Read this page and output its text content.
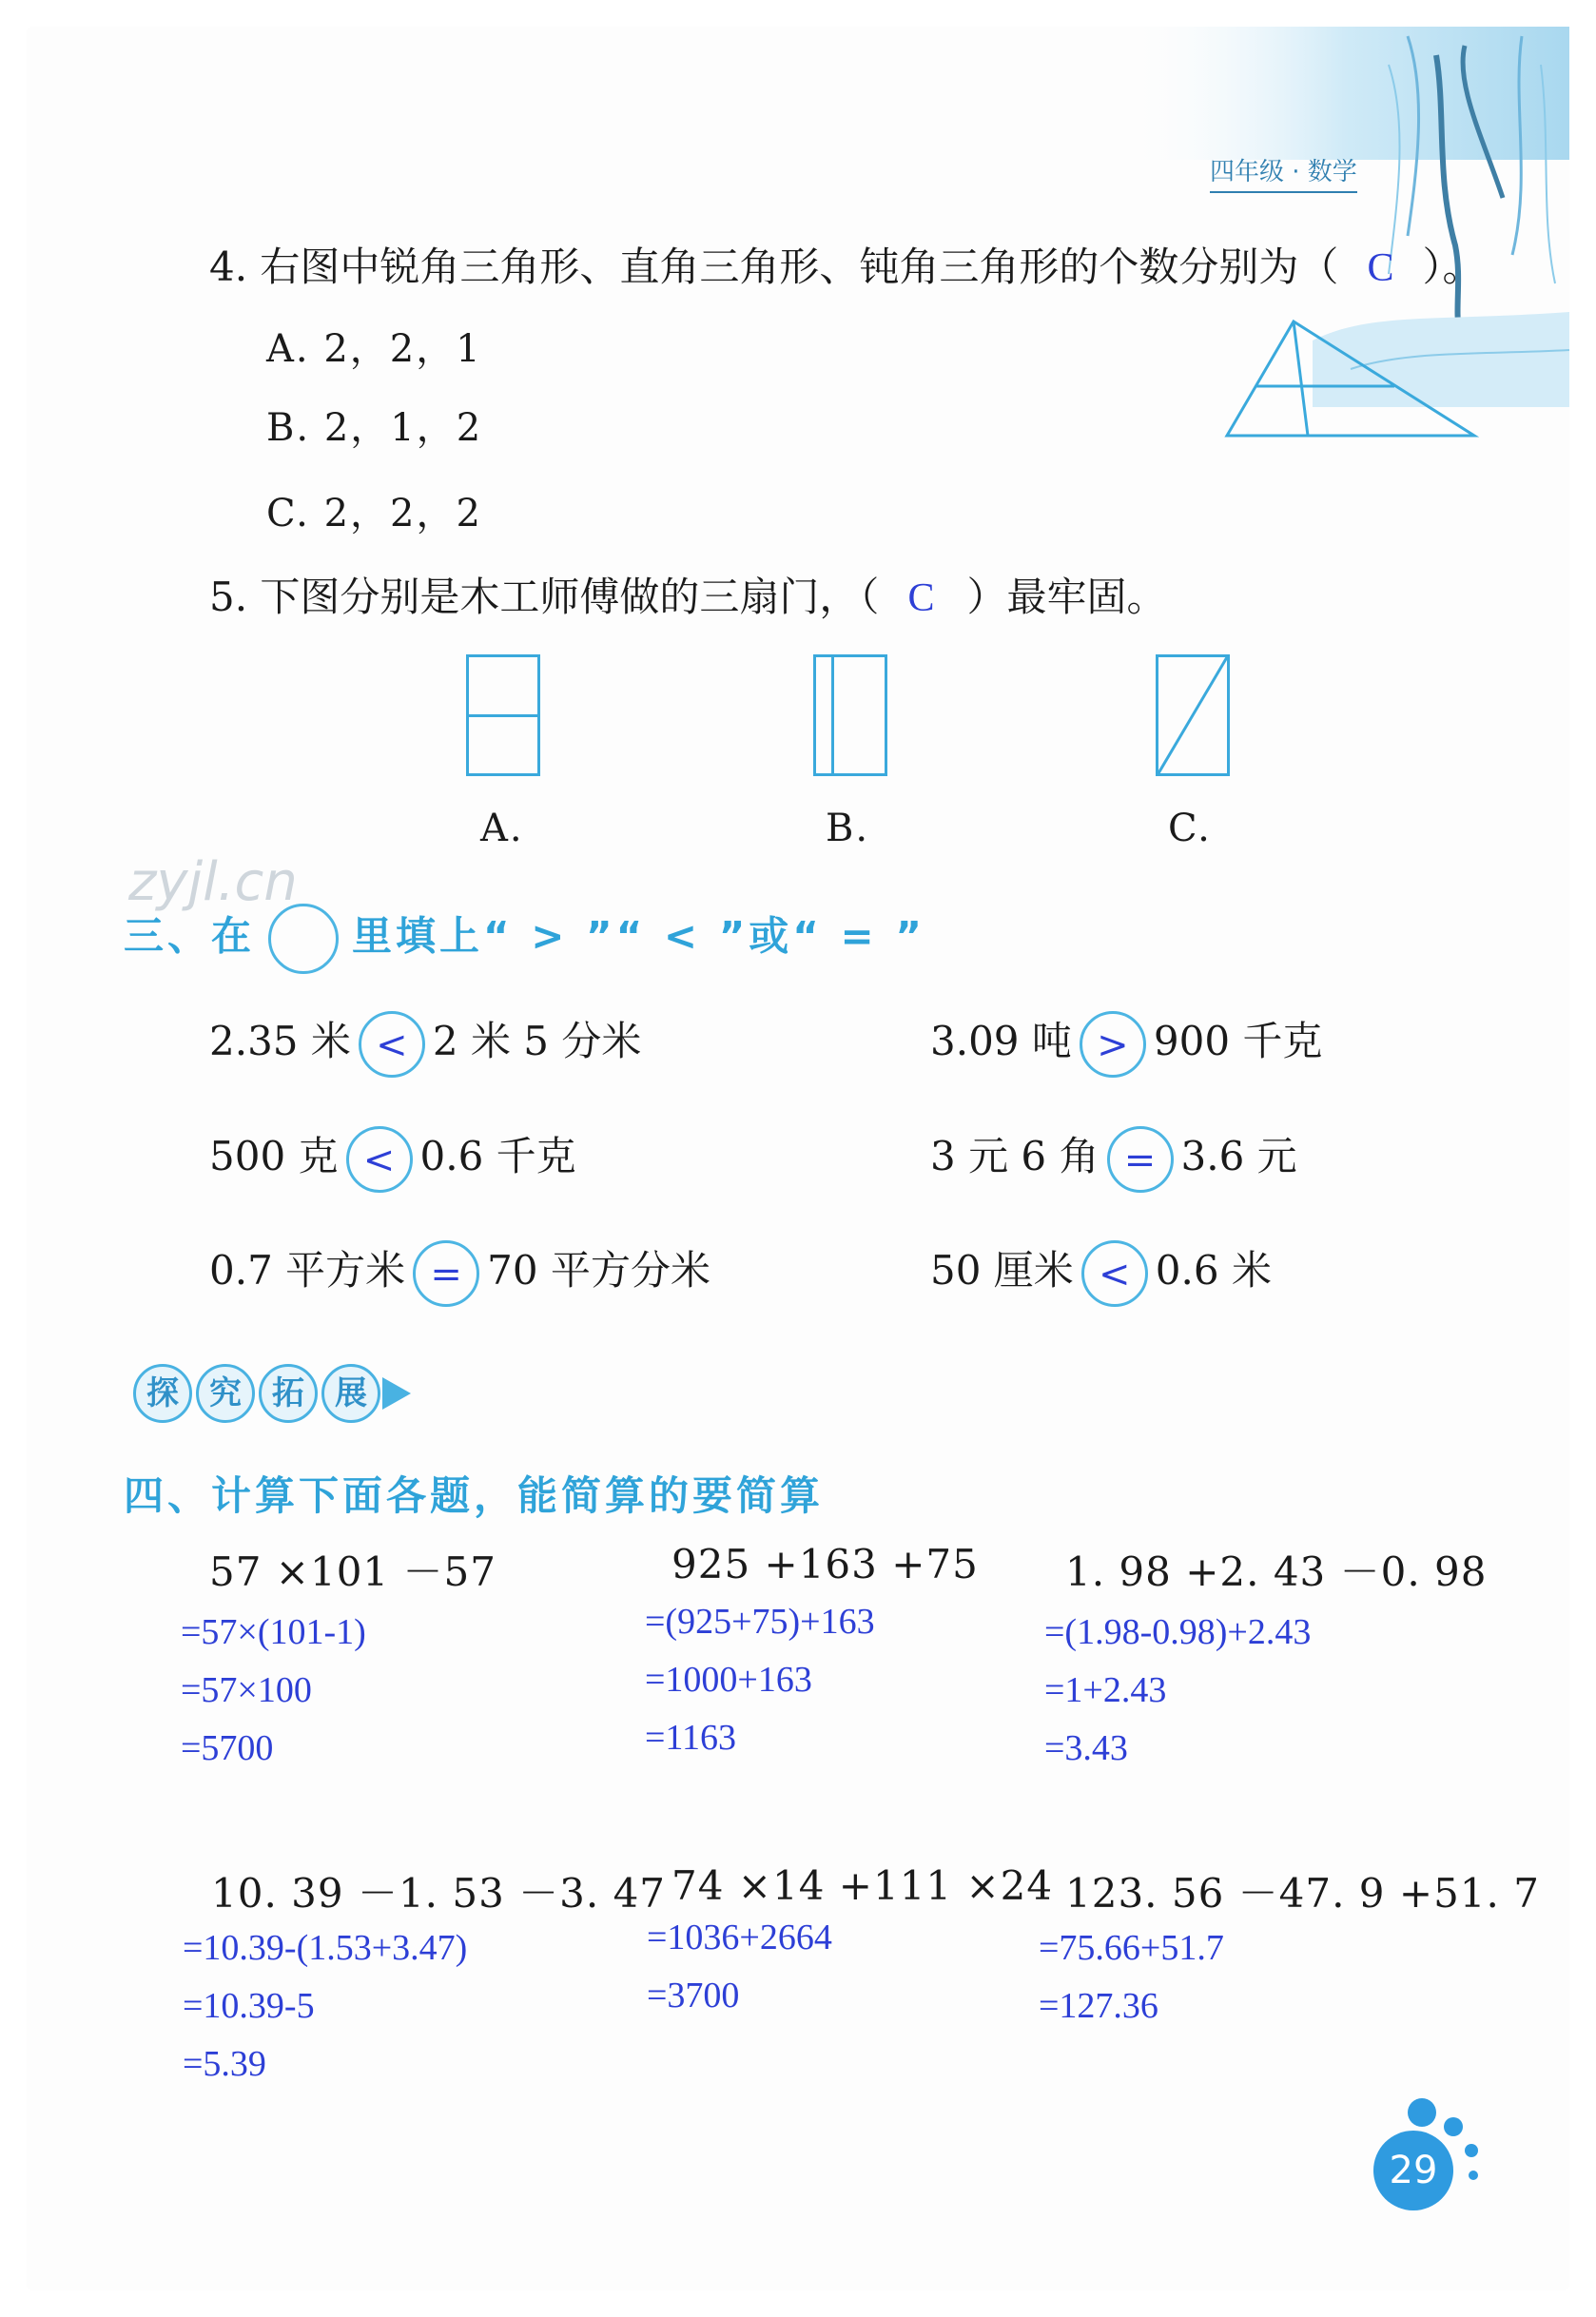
四年级 · 数学
4. 右图中锐角三角形、直角三角形、钝角三角形的个数分别为（ C ）。
A. 2，2，1
B. 2，1，2
C. 2，2，2
5. 下图分别是木工师傅做的三扇门，（ C ）最牢固。
A.	B.	C.
zyjl.cn
三、在 里填上“ > ”“ < ”或“ = ”
2.35 米 < 2 米 5 分米	3.09 吨 > 900 千克
500 克 < 0.6 千克	3 元 6 角 = 3.6 元
0.7 平方米 = 70 平方分米	50 厘米 < 0.6 米
探 究 拓 展
四、计算下面各题，能简算的要简算
57 ×101 －57
=57×(101-1)
=57×100
=5700
925 +163 +75
=(925+75)+163
=1000+163
=1163
1. 98 +2. 43 －0. 98
=(1.98-0.98)+2.43
=1+2.43
=3.43
10. 39 －1. 53 －3. 47
=10.39-(1.53+3.47)
=10.39-5
=5.39
74 ×14 +111 ×24
=1036+2664
=3700
123. 56 －47. 9 +51. 7
=75.66+51.7
=127.36
29
